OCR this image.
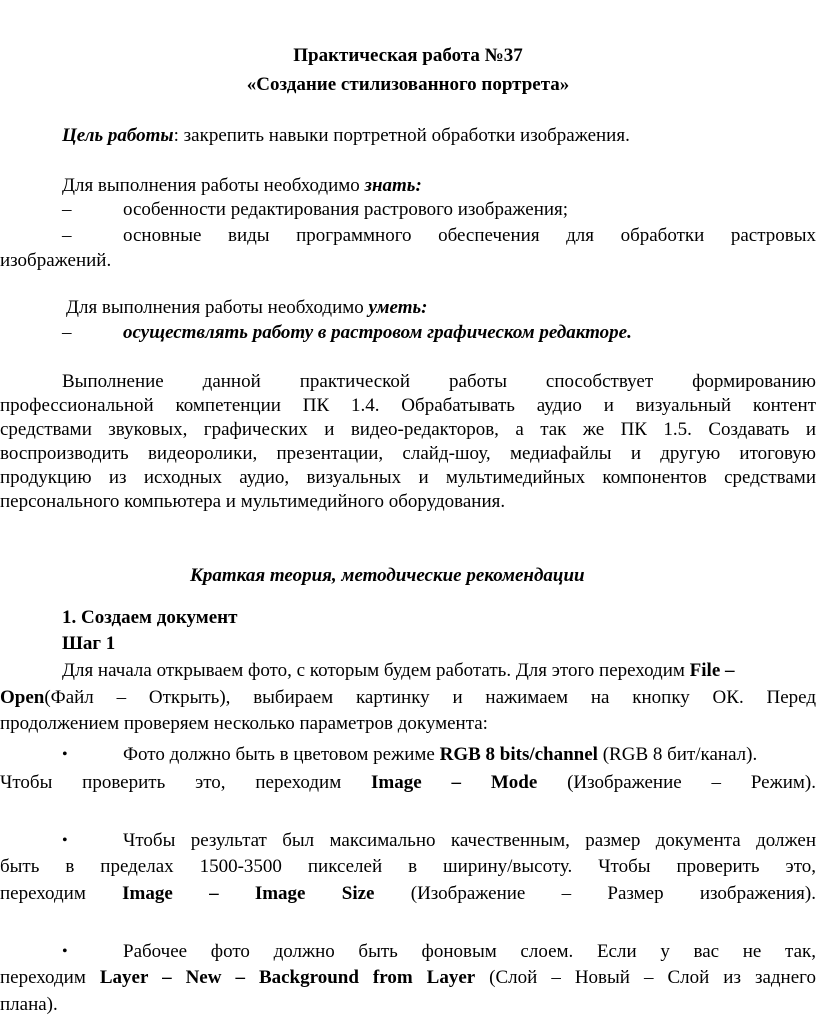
Практическая работа №37
«Создание стилизованного портрета»
Цель работы: закрепить навыки портретной обработки изображения.
Для выполнения работы необходимо знать:
–	особенности редактирования растрового изображения;
–	основные виды программного обеспечения для обработки растровых
изображений.
Для выполнения работы необходимо уметь:
–	осуществлять работу в растровом графическом редакторе.
Выполнение данной практической работы способствует формированию
профессиональной компетенции ПК 1.4. Обрабатывать аудио и визуальный контент
средствами звуковых, графических и видео-редакторов, а так же ПК 1.5. Создавать и
воспроизводить видеоролики, презентации, слайд-шоу, медиафайлы и другую итоговую
продукцию из исходных аудио, визуальных и мультимедийных компонентов средствами
персонального компьютера и мультимедийного оборудования.
Краткая теория, методические рекомендации
1. Создаем документ
Шаг 1
Для начала открываем фото, с которым будем работать. Для этого переходим File –
Open(Файл – Открыть), выбираем картинку и нажимаем на кнопку ОК. Перед
продолжением проверяем несколько параметров документа:
•	Фото должно быть в цветовом режиме RGB 8 bits/channel (RGB 8 бит/канал).
Чтобы проверить это, переходим Image – Mode (Изображение – Режим).
•	Чтобы результат был максимально качественным, размер документа должен
быть в пределах 1500-3500 пикселей в ширину/высоту. Чтобы проверить это,
переходим Image – Image Size (Изображение – Размер изображения).
•	Рабочее фото должно быть фоновым слоем. Если у вас не так,
переходим Layer – New – Background from Layer (Слой – Новый – Слой из заднего
плана).
